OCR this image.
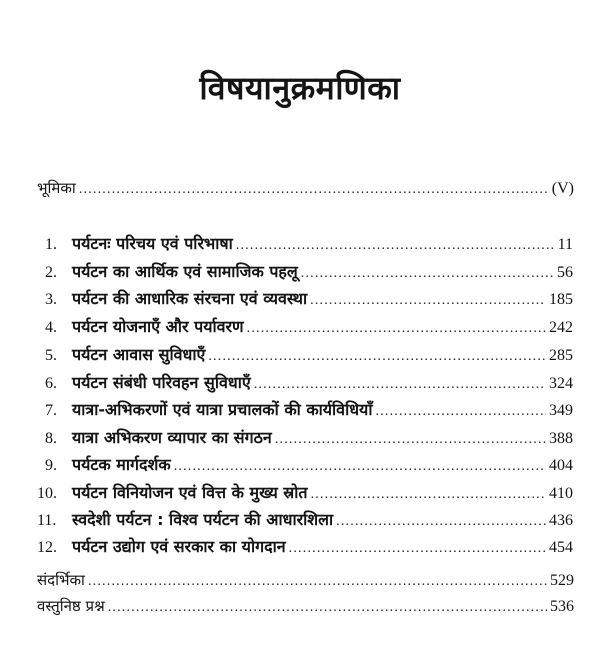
विषयानुक्रमणिका
भूमिका .....	(V)
1. पर्यटनः परिचय एवं परिभाषा .....	11
2. पर्यटन का आर्थिक एवं सामाजिक पहलू .....	56
3. पर्यटन की आधारिक संरचना एवं व्यवस्था .....	185
4. पर्यटन योजनाएँ और पर्यावरण .....	242
5. पर्यटन आवास सुविधाएँ .....	285
6. पर्यटन संबंधी परिवहन सुविधाएँ .....	324
7. यात्रा-अभिकरणों एवं यात्रा प्रचालकों की कार्यविधियाँ .....	349
8. यात्रा अभिकरण व्यापार का संगठन .....	388
9. पर्यटक मार्गदर्शक .....	404
10. पर्यटन विनियोजन एवं वित्त के मुख्य स्रोत .....	410
11. स्वदेशी पर्यटन : विश्व पर्यटन की आधारशिला .....	436
12. पर्यटन उद्योग एवं सरकार का योगदान .....	454
संदर्भिका .....	529
वस्तुनिष्ठ प्रश्न .....	536
